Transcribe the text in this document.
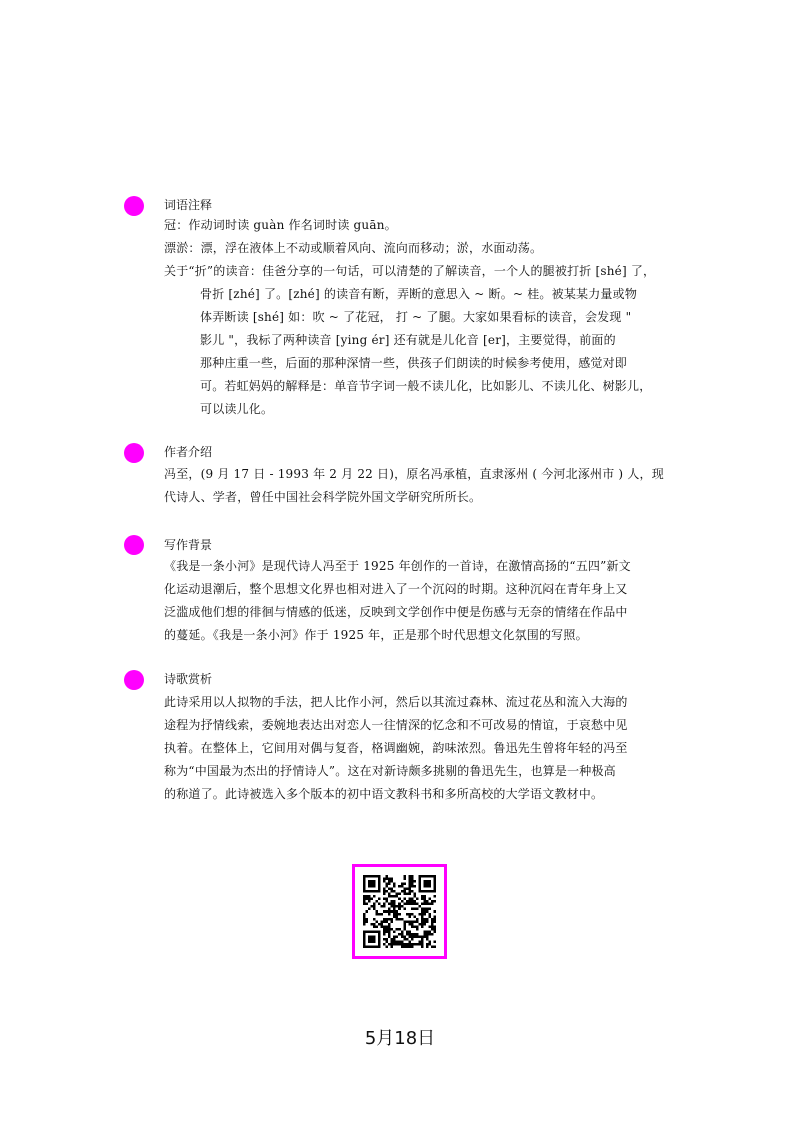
词语注释

冠：作动词时读 guàn 作名词时读 guān。

漂淤：漂，浮在液体上不动或顺着风向、流向而移动；淤，水面动荡。

关于“折”的读音：佳爸分享的一句话，可以清楚的了解读音，一个人的腿被打折 [shé] 了，

骨折 [zhé] 了。[zhé] 的读音有断，弄断的意思入 ~ 断。~ 桂。被某某力量或物

体弄断读 [shé] 如：吹 ~ 了花冠， 打 ~ 了腿。大家如果看标的读音，会发现 "

影儿 "，我标了两种读音 [ying ér] 还有就是儿化音 [er]，主要觉得，前面的

那种庄重一些，后面的那种深情一些，供孩子们朗读的时候参考使用，感觉对即

可。若虹妈妈的解释是：单音节字词一般不读儿化，比如影儿、不读儿化、树影儿，

可以读儿化。

作者介绍

冯至，(9 月 17 日 - 1993 年 2 月 22 日)，原名冯承植，直隶涿州 ( 今河北涿州市 ) 人，现

代诗人、学者，曾任中国社会科学院外国文学研究所所长。

写作背景

《我是一条小河》是现代诗人冯至于 1925 年创作的一首诗，在激情高扬的“五四”新文

化运动退潮后，整个思想文化界也相对进入了一个沉闷的时期。这种沉闷在青年身上又

泛滥成他们想的徘徊与情感的低迷，反映到文学创作中便是伤感与无奈的情绪在作品中

的蔓延。《我是一条小河》作于 1925 年，正是那个时代思想文化氛围的写照。

诗歌赏析

此诗采用以人拟物的手法，把人比作小河，然后以其流过森林、流过花丛和流入大海的

途程为抒情线索，委婉地表达出对恋人一往情深的忆念和不可改易的情谊，于哀愁中见

执着。在整体上，它间用对偶与复沓，格调幽婉，韵味浓烈。鲁迅先生曾将年轻的冯至

称为“中国最为杰出的抒情诗人”。这在对新诗颇多挑剔的鲁迅先生，也算是一种极高

的称道了。此诗被选入多个版本的初中语文教科书和多所高校的大学语文教材中。

5月18日
